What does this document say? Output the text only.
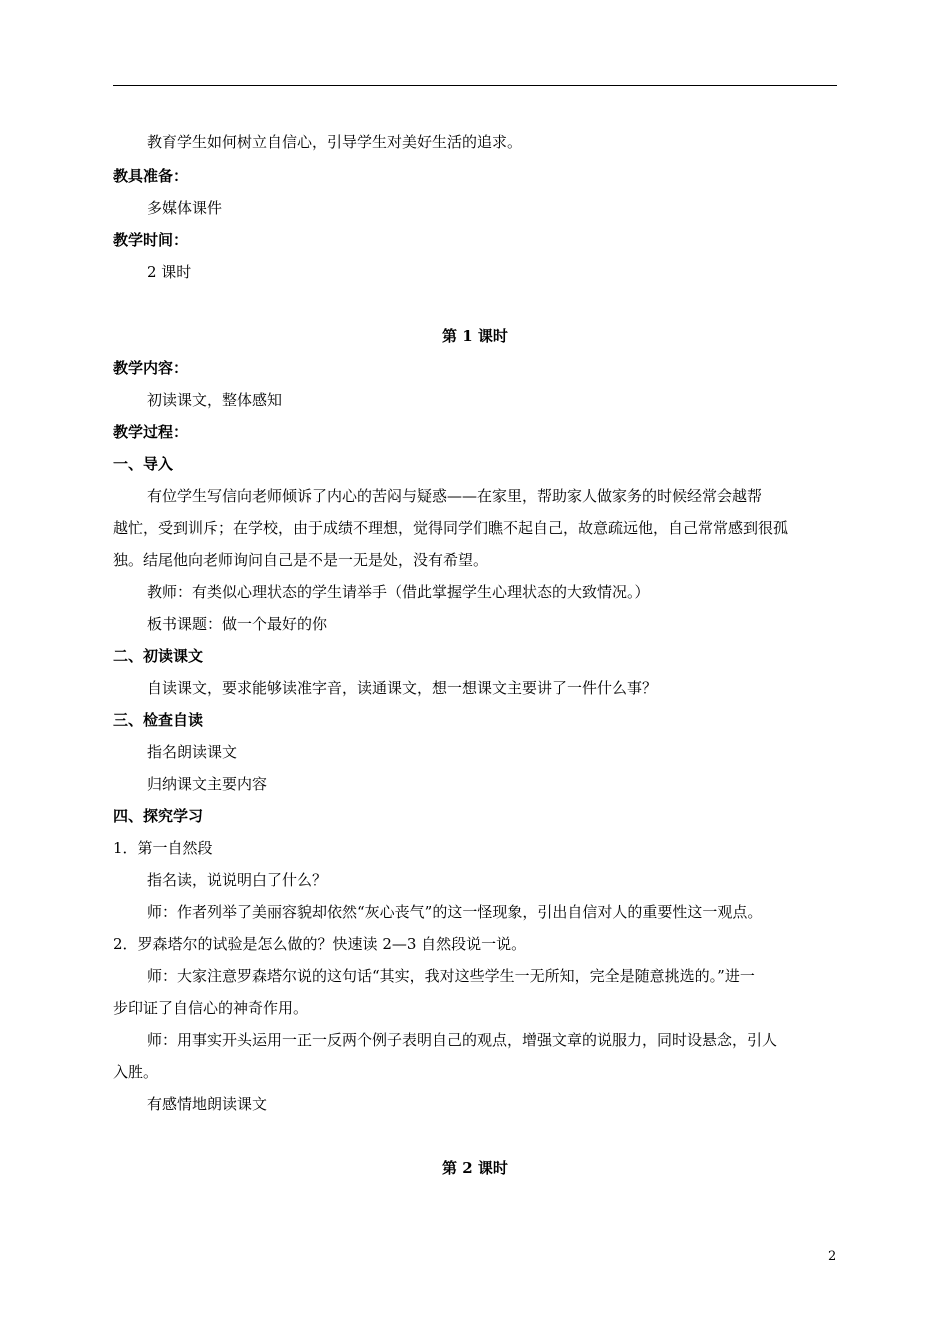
教育学生如何树立自信心，引导学生对美好生活的追求。
教具准备：
多媒体课件
教学时间：
2 课时
第 1 课时
教学内容：
初读课文，整体感知
教学过程：
一、导入
有位学生写信向老师倾诉了内心的苦闷与疑惑——在家里，帮助家人做家务的时候经常会越帮
越忙，受到训斥；在学校，由于成绩不理想，觉得同学们瞧不起自己，故意疏远他，自己常常感到很孤
独。结尾他向老师询问自己是不是一无是处，没有希望。
教师：有类似心理状态的学生请举手（借此掌握学生心理状态的大致情况。）
板书课题：做一个最好的你
二、初读课文
自读课文，要求能够读准字音，读通课文，想一想课文主要讲了一件什么事？
三、检查自读
指名朗读课文
归纳课文主要内容
四、探究学习
1．第一自然段
指名读，说说明白了什么？
师：作者列举了美丽容貌却依然“灰心丧气”的这一怪现象，引出自信对人的重要性这一观点。
2．罗森塔尔的试验是怎么做的？快速读 2—3 自然段说一说。
师：大家注意罗森塔尔说的这句话“其实，我对这些学生一无所知，完全是随意挑选的。”进一
步印证了自信心的神奇作用。
师：用事实开头运用一正一反两个例子表明自己的观点，增强文章的说服力，同时设悬念，引人
入胜。
有感情地朗读课文
第 2 课时
2
